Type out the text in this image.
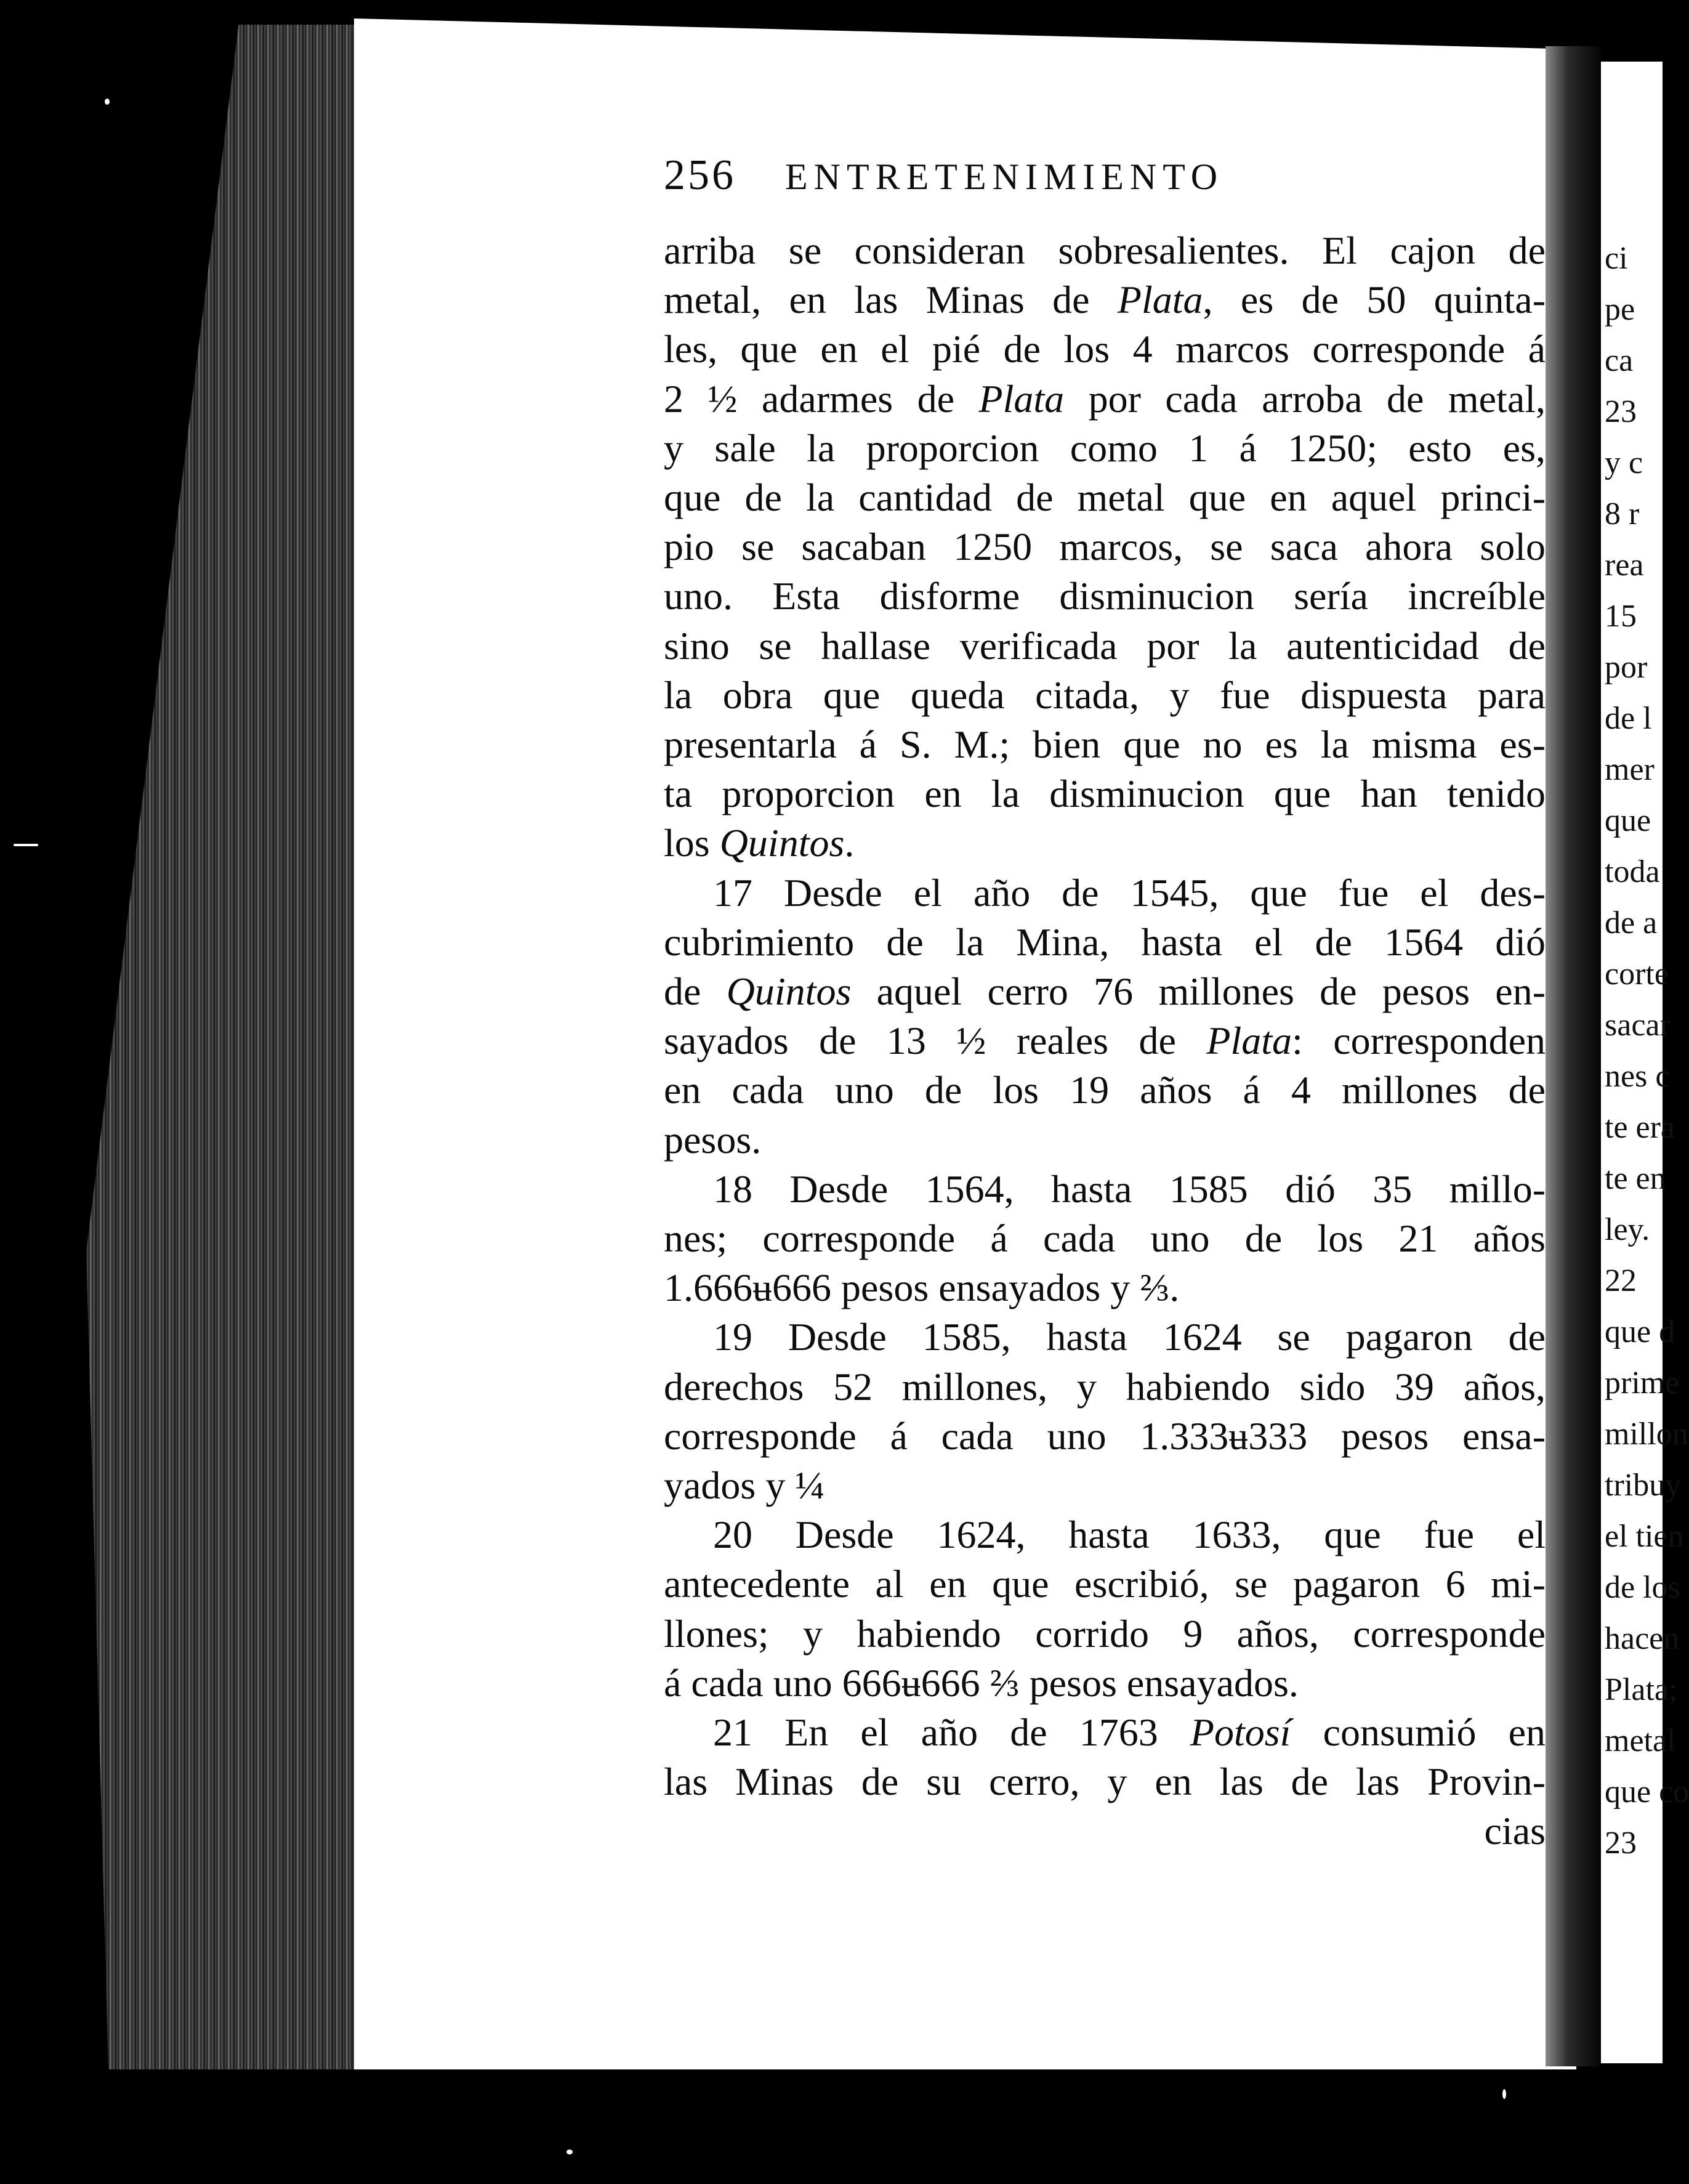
ci
pe
ca
23
y c
8 r
rea
15
por
de l
mer
que
toda
de a
corte
sacar
nes c
te era
te en
ley.
22
que d
prime
millon
tribuy
el tien
de los
hacen
Plata;
metal
que co
23
256 ENTRETENIMIENTO
arriba se consideran sobresalientes. El cajon de
metal, en las Minas de Plata, es de 50 quinta-
les, que en el pié de los 4 marcos corresponde á
2 ½ adarmes de Plata por cada arroba de metal,
y sale la proporcion como 1 á 1250; esto es,
que de la cantidad de metal que en aquel princi-
pio se sacaban 1250 marcos, se saca ahora solo
uno. Esta disforme disminucion sería increíble
sino se hallase verificada por la autenticidad de
la obra que queda citada, y fue dispuesta para
presentarla á S. M.; bien que no es la misma es-
ta proporcion en la disminucion que han tenido
los Quintos.
17 Desde el año de 1545, que fue el des-
cubrimiento de la Mina, hasta el de 1564 dió
de Quintos aquel cerro 76 millones de pesos en-
sayados de 13 ½ reales de Plata: corresponden
en cada uno de los 19 años á 4 millones de
pesos.
18 Desde 1564, hasta 1585 dió 35 millo-
nes; corresponde á cada uno de los 21 años
1.666ʉ666 pesos ensayados y ⅔.
19 Desde 1585, hasta 1624 se pagaron de
derechos 52 millones, y habiendo sido 39 años,
corresponde á cada uno 1.333ʉ333 pesos ensa-
yados y ¼
20 Desde 1624, hasta 1633, que fue el
antecedente al en que escribió, se pagaron 6 mi-
llones; y habiendo corrido 9 años, corresponde
á cada uno 666ʉ666 ⅔ pesos ensayados.
21 En el año de 1763 Potosí consumió en
las Minas de su cerro, y en las de las Provin-
cias
